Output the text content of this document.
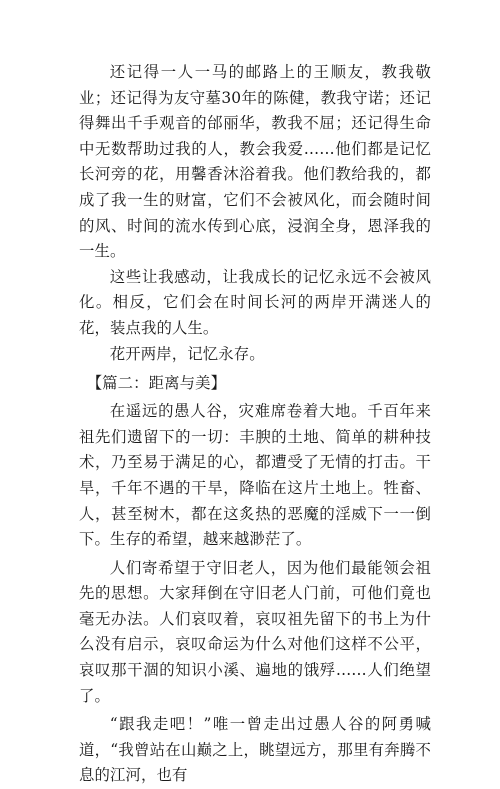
还记得一人一马的邮路上的王顺友，教我敬业；还记得为友守墓30年的陈健，教我守诺；还记得舞出千手观音的邰丽华，教我不屈；还记得生命中无数帮助过我的人，教会我爱……他们都是记忆长河旁的花，用馨香沐浴着我。他们教给我的，都成了我一生的财富，它们不会被风化，而会随时间的风、时间的流水传到心底，浸润全身，恩泽我的一生。

这些让我感动，让我成长的记忆永远不会被风化。相反，它们会在时间长河的两岸开满迷人的花，装点我的人生。

花开两岸，记忆永存。

【篇二：距离与美】

在遥远的愚人谷，灾难席卷着大地。千百年来祖先们遗留下的一切：丰腴的土地、简单的耕种技术，乃至易于满足的心，都遭受了无情的打击。干旱，千年不遇的干旱，降临在这片土地上。牲畜、人，甚至树木，都在这炙热的恶魔的淫威下一一倒下。生存的希望，越来越渺茫了。

人们寄希望于守旧老人，因为他们最能领会祖先的思想。大家拜倒在守旧老人门前，可他们竟也毫无办法。人们哀叹着，哀叹祖先留下的书上为什么没有启示，哀叹命运为什么对他们这样不公平，哀叹那干涸的知识小溪、遍地的饿殍……人们绝望了。

“跟我走吧！”唯一曾走出过愚人谷的阿勇喊道，“我曾站在山巅之上，眺望远方，那里有奔腾不息的江河，也有
